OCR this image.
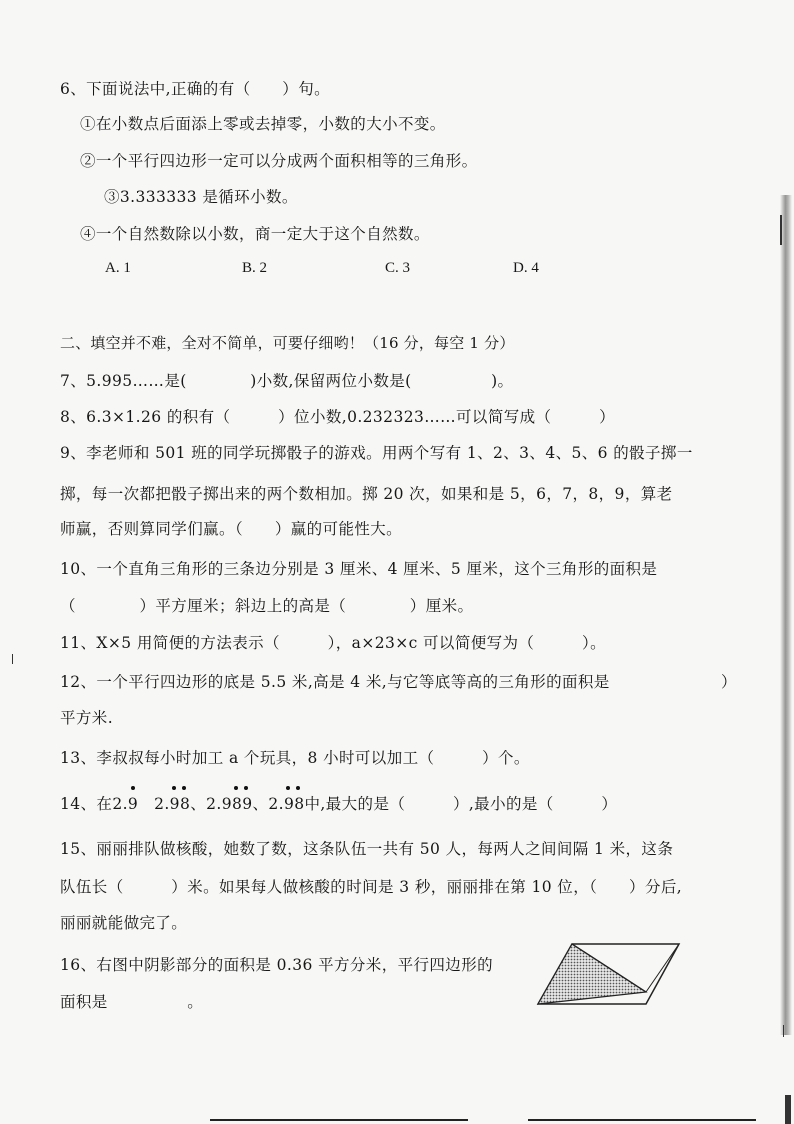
6、下面说法中,正确的有（　　）句。
①在小数点后面添上零或去掉零，小数的大小不变。
②一个平行四边形一定可以分成两个面积相等的三角形。
③3.333333 是循环小数。
④一个自然数除以小数，商一定大于这个自然数。
A. 1	B. 2	C. 3	D. 4
二、填空并不难，全对不简单，可要仔细哟！（16 分，每空 1 分）
7、5.995……是(　　　　)小数,保留两位小数是(　　　　　)。
8、6.3×1.26 的积有（　　　）位小数,0.232323……可以简写成（　　　）
9、李老师和 501 班的同学玩掷骰子的游戏。用两个写有 1、2、3、4、5、6 的骰子掷一
掷，每一次都把骰子掷出来的两个数相加。掷 20 次，如果和是 5，6，7，8，9，算老
师赢，否则算同学们赢。（　　）赢的可能性大。
10、一个直角三角形的三条边分别是 3 厘米、4 厘米、5 厘米，这个三角形的面积是
（　　　　）平方厘米；斜边上的高是（　　　　）厘米。
11、X×5 用简便的方法表示（　　　），a×23×c 可以简便写为（　　　）。
12、一个平行四边形的底是 5.5 米,高是 4 米,与它等底等高的三角形的面积是　　　　　　　）
平方米.
13、李叔叔每小时加工 a 个玩具，8 小时可以加工（　　　）个。
14、在2.9
　 2.98
、2.989
、2.98
中,最大的是（　　　）,最小的是（　　　）
15、丽丽排队做核酸，她数了数，这条队伍一共有 50 人，每两人之间间隔 1 米，这条
队伍长（　　　）米。如果每人做核酸的时间是 3 秒，丽丽排在第 10 位，（　　）分后,
丽丽就能做完了。
16、右图中阴影部分的面积是 0.36 平方分米，平行四边形的
面积是　　　　　。
